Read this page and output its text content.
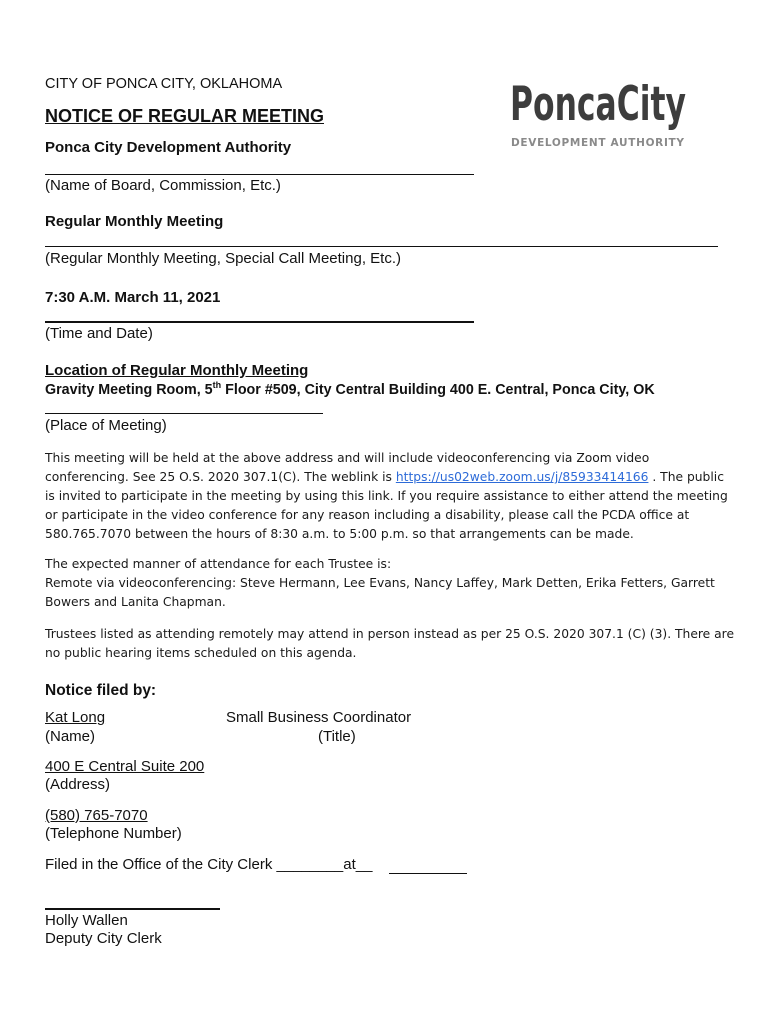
CITY OF PONCA CITY, OKLAHOMA
NOTICE OF REGULAR MEETING	PoncaCity
DEVELOPMENT AUTHORITY
Ponca City Development Authority
(Name of Board, Commission, Etc.)
Regular Monthly Meeting
(Regular Monthly Meeting, Special Call Meeting, Etc.)
7:30 A.M. March 11, 2021
(Time and Date)
Location of Regular Monthly Meeting
Gravity Meeting Room, 5th Floor #509, City Central Building 400 E. Central, Ponca City, OK
(Place of Meeting)
This meeting will be held at the above address and will include videoconferencing via Zoom video conferencing. See 25 O.S. 2020 307.1(C). The weblink is https://us02web.zoom.us/j/85933414166 . The public is invited to participate in the meeting by using this link. If you require assistance to either attend the meeting or participate in the video conference for any reason including a disability, please call the PCDA office at 580.765.7070 between the hours of 8:30 a.m. to 5:00 p.m. so that arrangements can be made.
The expected manner of attendance for each Trustee is:
Remote via videoconferencing: Steve Hermann, Lee Evans, Nancy Laffey, Mark Detten, Erika Fetters, Garrett Bowers and Lanita Chapman.
Trustees listed as attending remotely may attend in person instead as per 25 O.S. 2020 307.1 (C) (3). There are no public hearing items scheduled on this agenda.
Notice filed by:
Kat Long	Small Business Coordinator
(Name)	(Title)
400 E Central Suite 200
(Address)
(580) 765-7070
(Telephone Number)
Filed in the Office of the City Clerk ________at__
Holly Wallen
Deputy City Clerk
